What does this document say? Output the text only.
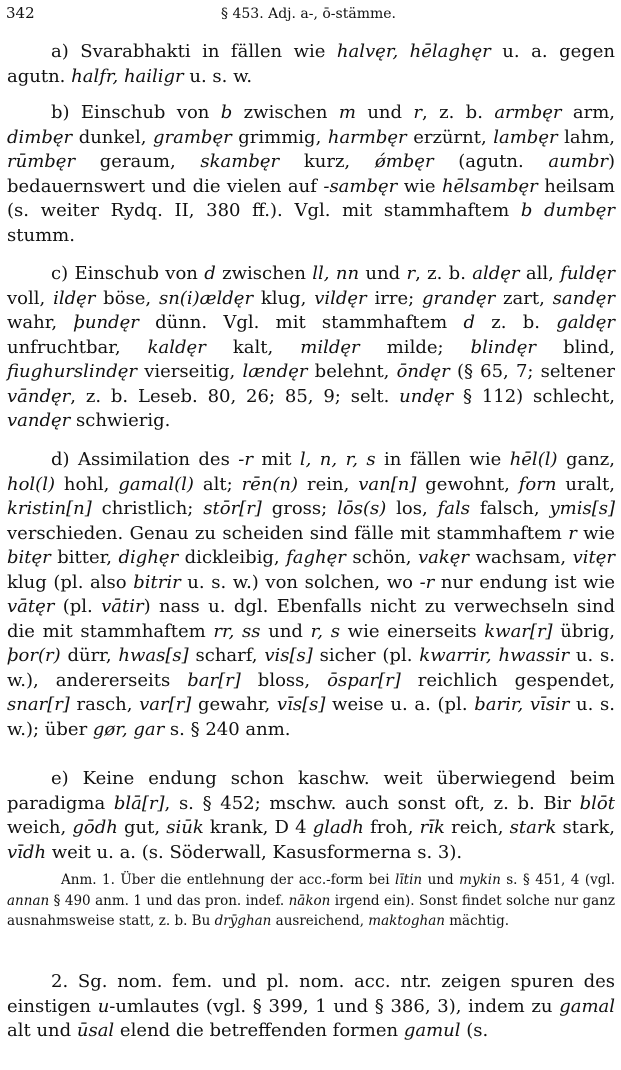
342	§ 453. Adj. a-, ō-stämme.

a) Svarabhakti in fällen wie halvęr, hēlaghęr u. a. gegen agutn. halfr, hailigr u. s. w.

b) Einschub von b zwischen m und r, z. b. armbęr arm, dimbęr dunkel, grambęr grimmig, harmbęr erzürnt, lambęr lahm, rūmbęr geraum, skambęr kurz, ǿmbęr (agutn. aumbr) bedauernswert und die vielen auf -sambęr wie hēlsambęr heilsam (s. weiter Rydq. II, 380 ff.). Vgl. mit stammhaftem b dumbęr stumm.

c) Einschub von d zwischen ll, nn und r, z. b. aldęr all, fuldęr voll, ildęr böse, sn(i)ældęr klug, vildęr irre; grandęr zart, sandęr wahr, þundęr dünn. Vgl. mit stammhaftem d z. b. galdęr unfruchtbar, kaldęr kalt, mildęr milde; blindęr blind, fiughurslindęr vierseitig, lændęr belehnt, ōndęr (§ 65, 7; seltener vāndęr, z. b. Leseb. 80, 26; 85, 9; selt. undęr § 112) schlecht, vandęr schwierig.

d) Assimilation des -r mit l, n, r, s in fällen wie hēl(l) ganz, hol(l) hohl, gamal(l) alt; rēn(n) rein, van[n] gewohnt, forn uralt, kristin[n] christlich; stōr[r] gross; lōs(s) los, fals falsch, ymis[s] verschieden. Genau zu scheiden sind fälle mit stammhaftem r wie bitęr bitter, dighęr dickleibig, faghęr schön, vakęr wachsam, vitęr klug (pl. also bitrir u. s. w.) von solchen, wo -r nur endung ist wie vātęr (pl. vātir) nass u. dgl. Ebenfalls nicht zu verwechseln sind die mit stammhaftem rr, ss und r, s wie einerseits kwar[r] übrig, þor(r) dürr, hwas[s] scharf, vis[s] sicher (pl. kwarrir, hwassir u. s. w.), andererseits bar[r] bloss, ōspar[r] reichlich gespendet, snar[r] rasch, var[r] gewahr, vīs[s] weise u. a. (pl. barir, vīsir u. s. w.); über gør, gar s. § 240 anm.

e) Keine endung schon kaschw. weit überwiegend beim paradigma blā[r], s. § 452; mschw. auch sonst oft, z. b. Bir blōt weich, gōdh gut, siūk krank, D 4 gladh froh, rīk reich, stark stark, vīdh weit u. a. (s. Söderwall, Kasusformerna s. 3).

Anm. 1. Über die entlehnung der acc.-form bei lītin und mykin s. § 451, 4 (vgl. annan § 490 anm. 1 und das pron. indef. nākon irgend ein). Sonst findet solche nur ganz ausnahmsweise statt, z. b. Bu drȳghan ausreichend, maktoghan mächtig.

2. Sg. nom. fem. und pl. nom. acc. ntr. zeigen spuren des einstigen u-umlautes (vgl. § 399, 1 und § 386, 3), indem zu gamal alt und ūsal elend die betreffenden formen gamul (s.
